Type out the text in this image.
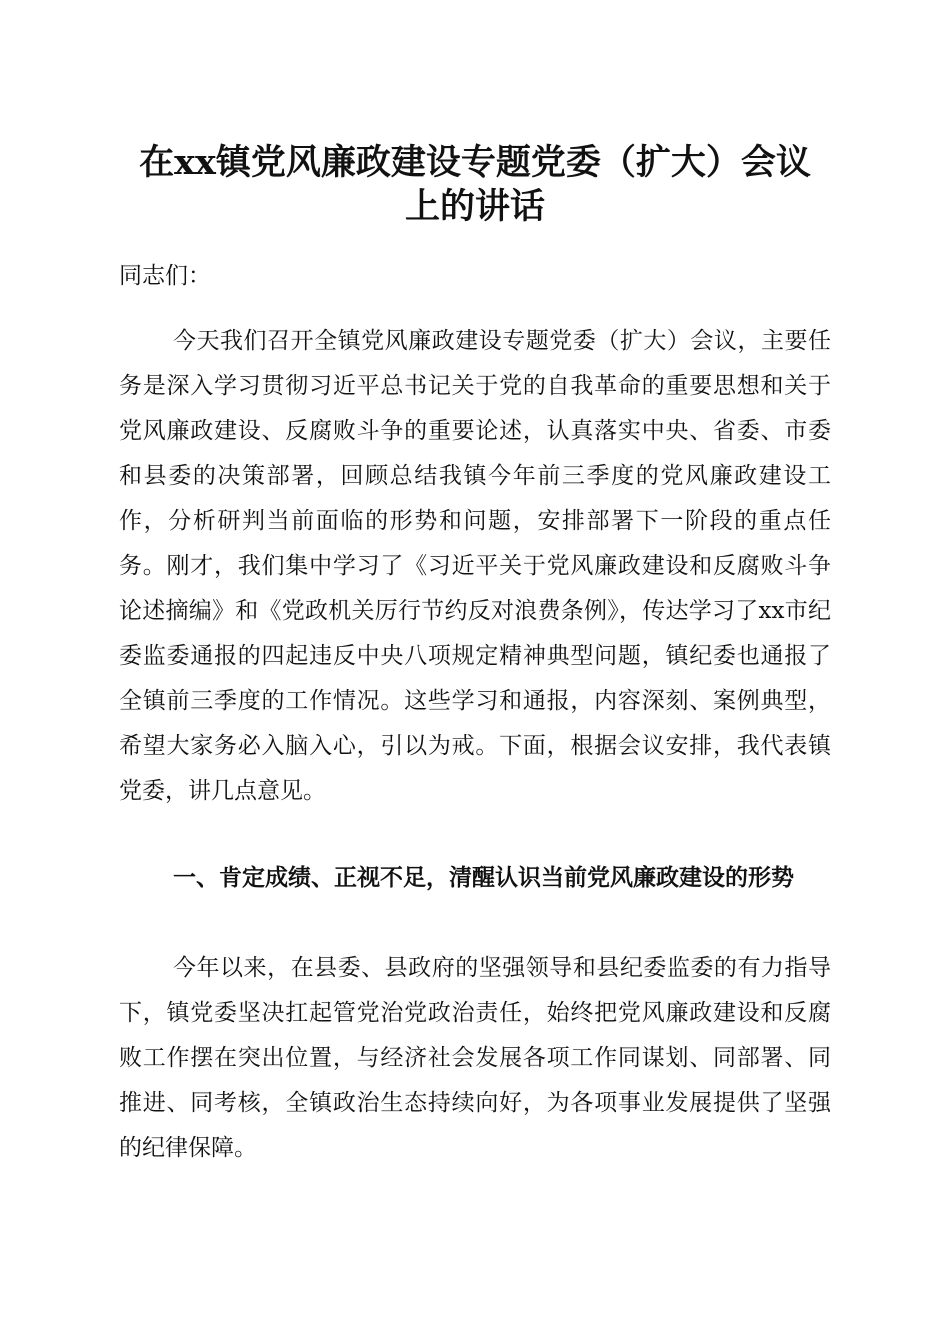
在xx镇党风廉政建设专题党委（扩大）会议
上的讲话

同志们：

今天我们召开全镇党风廉政建设专题党委（扩大）会议，主要任务是深入学习贯彻习近平总书记关于党的自我革命的重要思想和关于党风廉政建设、反腐败斗争的重要论述，认真落实中央、省委、市委和县委的决策部署，回顾总结我镇今年前三季度的党风廉政建设工作，分析研判当前面临的形势和问题，安排部署下一阶段的重点任务。刚才，我们集中学习了《习近平关于党风廉政建设和反腐败斗争论述摘编》和《党政机关厉行节约反对浪费条例》，传达学习了xx市纪委监委通报的四起违反中央八项规定精神典型问题，镇纪委也通报了全镇前三季度的工作情况。这些学习和通报，内容深刻、案例典型，希望大家务必入脑入心，引以为戒。下面，根据会议安排，我代表镇党委，讲几点意见。

一、肯定成绩、正视不足，清醒认识当前党风廉政建设的形势

今年以来，在县委、县政府的坚强领导和县纪委监委的有力指导下，镇党委坚决扛起管党治党政治责任，始终把党风廉政建设和反腐败工作摆在突出位置，与经济社会发展各项工作同谋划、同部署、同推进、同考核，全镇政治生态持续向好，为各项事业发展提供了坚强的纪律保障。
